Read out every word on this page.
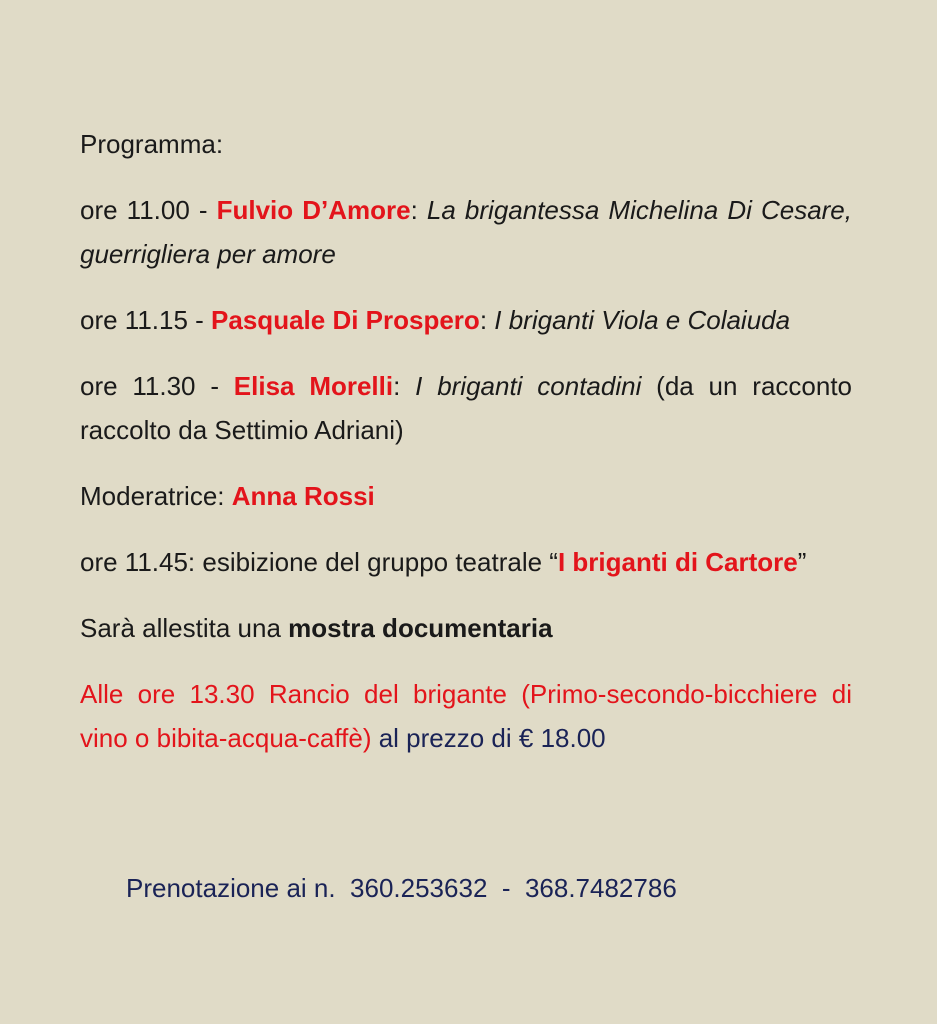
Programma:

ore 11.00 - Fulvio D’Amore: La brigantessa Michelina Di Cesare, guerrigliera per amore

ore 11.15 - Pasquale Di Prospero: I briganti Viola e Colaiuda

ore 11.30 - Elisa Morelli: I briganti contadini (da un racconto raccolto da Settimio Adriani)

Moderatrice: Anna Rossi

ore 11.45: esibizione del gruppo teatrale “I briganti di Cartore”

Sarà allestita una mostra documentaria

Alle ore 13.30 Rancio del brigante (Primo-secondo-bicchiere di vino o bibita-acqua-caffè) al prezzo di € 18.00

Prenotazione ai n.  360.253632  -  368.7482786
